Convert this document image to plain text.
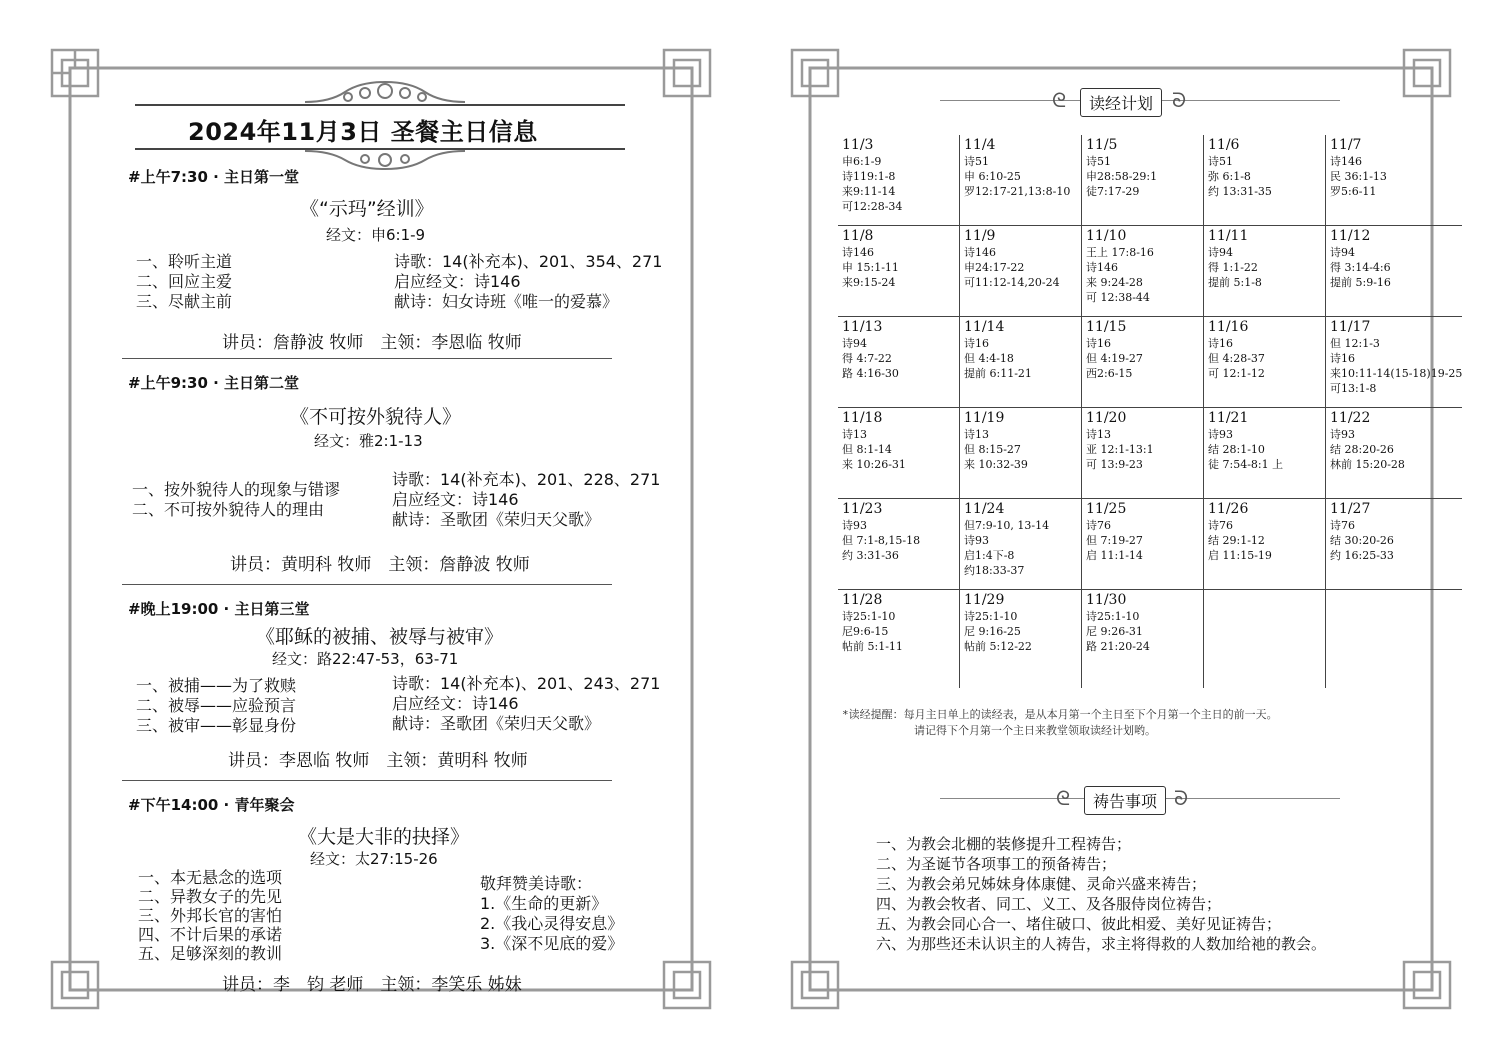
2024年11月3日 圣餐主日信息
#上午7:30 · 主日第一堂
《“示玛”经训》
经文：申6:1-9
一、聆听主道
二、回应主爱
三、尽献主前
诗歌：14(补充本)、201、354、271
启应经文：诗146
献诗：妇女诗班《唯一的爱慕》
讲员：詹静波 牧师　主领：李恩临 牧师
#上午9:30 · 主日第二堂
《不可按外貌待人》
经文：雅2:1-13
一、按外貌待人的现象与错谬
二、不可按外貌待人的理由
诗歌：14(补充本)、201、228、271
启应经文：诗146
献诗：圣歌团《荣归天父歌》
讲员：黄明科 牧师　主领：詹静波 牧师
#晚上19:00 · 主日第三堂
《耶稣的被捕、被辱与被审》
经文：路22:47-53，63-71
一、被捕——为了救赎
二、被辱——应验预言
三、被审——彰显身份
诗歌：14(补充本)、201、243、271
启应经文：诗146
献诗：圣歌团《荣归天父歌》
讲员：李恩临 牧师　主领：黄明科 牧师
#下午14:00 · 青年聚会
《大是大非的抉择》
经文：太27:15-26
一、本无悬念的选项
二、异教女子的先见
三、外邦长官的害怕
四、不计后果的承诺
五、足够深刻的教训
敬拜赞美诗歌：
1.《生命的更新》
2.《我心灵得安息》
3.《深不见底的爱》
讲员：李　钧 老师　主领：李笑乐 姊妹
ᘓ	读经计划 ᘐ
11/3
申6:1-9
诗119:1-8
来9:11-14
可12:28-34	11/4
诗51
申 6:10-25
罗12:17-21,13:8-10	11/5
诗51
申28:58-29:1
徒7:17-29	11/6
诗51
弥 6:1-8
约 13:31-35	11/7
诗146
民 36:1-13
罗5:6-11

11/8
诗146
申 15:1-11
来9:15-24	11/9
诗146
申24:17-22
可11:12-14,20-24	11/10
王上 17:8-16
诗146
来 9:24-28
可 12:38-44	11/11
诗94
得 1:1-22
提前 5:1-8	11/12
诗94
得 3:14-4:6
提前 5:9-16

11/13
诗94
得 4:7-22
路 4:16-30	11/14
诗16
但 4:4-18
提前 6:11-21	11/15
诗16
但 4:19-27
西2:6-15	11/16
诗16
但 4:28-37
可 12:1-12	11/17
但 12:1-3
诗16
来10:11-14(15-18)19-25
可13:1-8

11/18
诗13
但 8:1-14
来 10:26-31	11/19
诗13
但 8:15-27
来 10:32-39	11/20
诗13
亚 12:1-13:1
可 13:9-23	11/21
诗93
结 28:1-10
徒 7:54-8:1 上	11/22
诗93
结 28:20-26
林前 15:20-28

11/23
诗93
但 7:1-8,15-18
约 3:31-36	11/24
但7:9-10, 13-14
诗93
启1:4下-8
约18:33-37	11/25
诗76
但 7:19-27
启 11:1-14	11/26
诗76
结 29:1-12
启 11:15-19	11/27
诗76
结 30:20-26
约 16:25-33

11/28
诗25:1-10
尼9:6-15
帖前 5:1-11	11/29
诗25:1-10
尼 9:16-25
帖前 5:12-22	11/30
诗25:1-10
尼 9:26-31
路 21:20-24		

*读经提醒：每月主日单上的读经表，是从本月第一个主日至下个月第一个主日的前一天。
请记得下个月第一个主日来教堂领取读经计划哟。
ᘓ	祷告事项 ᘐ
一、为教会北棚的装修提升工程祷告；
二、为圣诞节各项事工的预备祷告；
三、为教会弟兄姊妹身体康健、灵命兴盛来祷告；
四、为教会牧者、同工、义工、及各服侍岗位祷告；
五、为教会同心合一、堵住破口、彼此相爱、美好见证祷告；
六、为那些还未认识主的人祷告，求主将得救的人数加给祂的教会。
